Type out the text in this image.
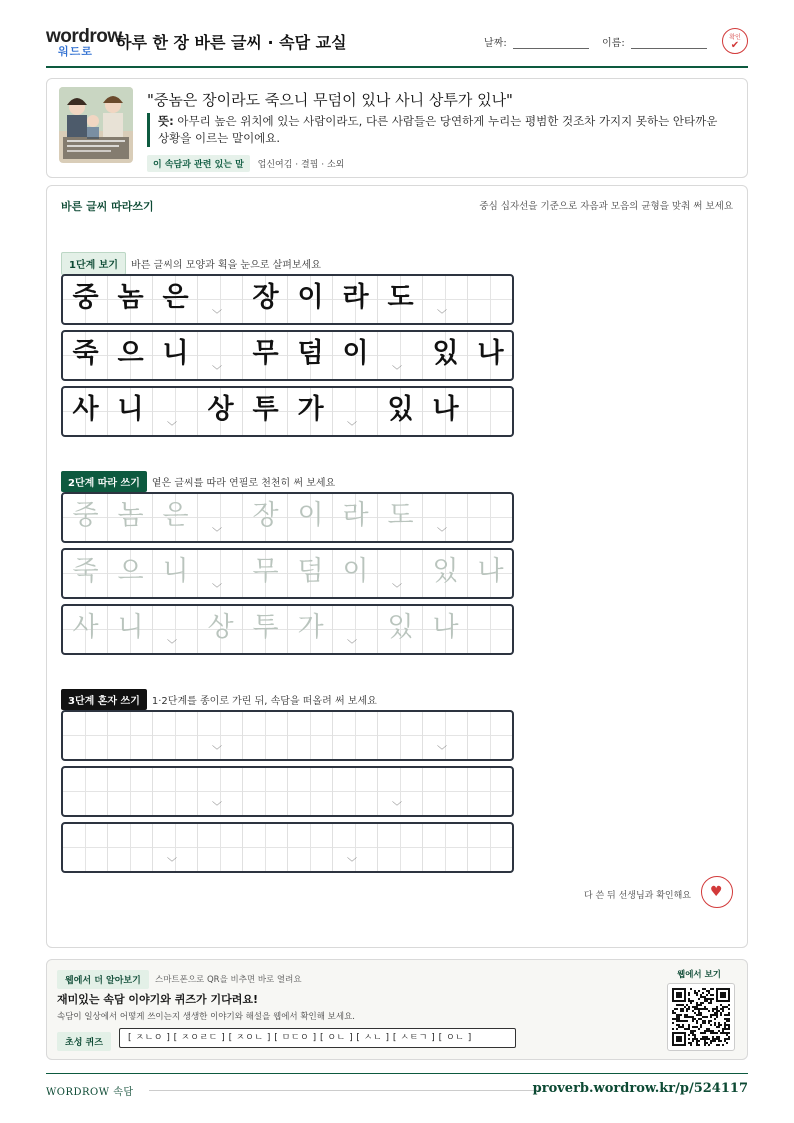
wordrow
워드로 하루 한 장 바른 글씨 · 속담 교실	날짜:	이름:
확인
✔
"중놈은 장이라도 죽으니 무덤이 있나 사니 상투가 있나"
뜻: 아무리 높은 위치에 있는 사람이라도, 다른 사람들은 당연하게 누리는 평범한 것조차 가지지 못하는 안타까운 상황을 이르는 말이에요.
이 속담과 관련 있는 말 업신여김 · 결핍 · 소외
바른 글씨 따라쓰기	중심 십자선을 기준으로 자음과 모음의 균형을 맞춰 써 보세요
1단계 보기 바른 글씨의 모양과 획을 눈으로 살펴보세요
2단계 따라 쓰기 옅은 글씨를 따라 연필로 천천히 써 보세요
3단계 혼자 쓰기 1·2단계를 종이로 가린 뒤, 속담을 떠올려 써 보세요
중 놈 은
﹀
장 이 라 도
﹀
죽 으 니
﹀
무 덤 이
﹀
있 나
사 니
﹀
상 투 가
﹀
있 나
중 놈 은
﹀
장 이 라 도
﹀
죽 으 니
﹀
무 덤 이
﹀
있 나
사 니
﹀
상 투 가
﹀
있 나
﹀	﹀
﹀	﹀
﹀	﹀
다 쓴 뒤 선생님과 확인해요 ♥
웹에서 더 알아보기	스마트폰으로 QR을 비추면 바로 열려요
재미있는 속담 이야기와 퀴즈가 기다려요!
속담이 일상에서 어떻게 쓰이는지 생생한 이야기와 해설을 웹에서 확인해 보세요.
초성 퀴즈	[ ㅈㄴㅇ ] [ ㅈㅇㄹㄷ ] [ ㅈㅇㄴ ] [ ㅁㄷㅇ ] [ ㅇㄴ ] [ ㅅㄴ ] [ ㅅㅌㄱ ] [ ㅇㄴ ]
웹에서 보기
WORDROW 속담	proverb.wordrow.kr/p/524117
